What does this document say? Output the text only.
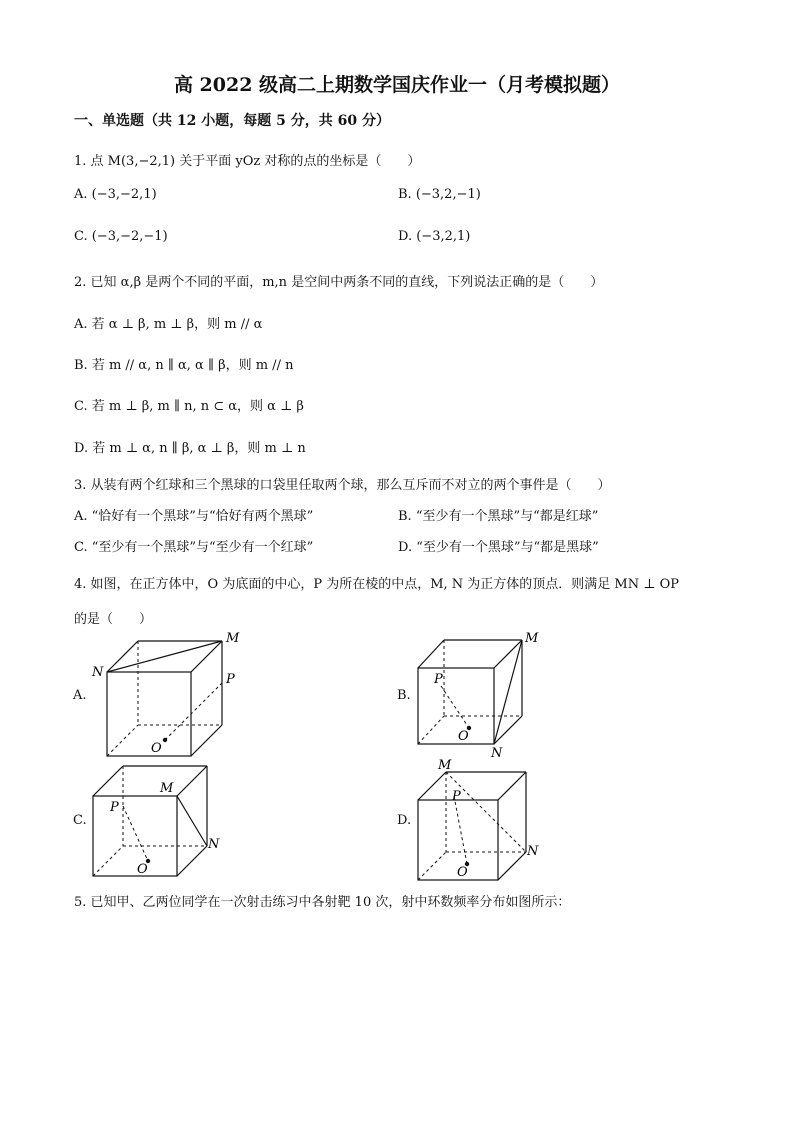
高 2022 级高二上期数学国庆作业一（月考模拟题）
一、单选题（共 12 小题，每题 5 分，共 60 分）
1. 点 M(3,−2,1) 关于平面 yOz 对称的点的坐标是（　　）
A. (−3,−2,1)	B. (−3,2,−1)
C. (−3,−2,−1)	D. (−3,2,1)
2. 已知 α,β 是两个不同的平面，m,n 是空间中两条不同的直线，下列说法正确的是（　　）
A. 若 α ⊥ β, m ⊥ β，则 m // α
B. 若 m // α, n ∥ α, α ∥ β，则 m // n
C. 若 m ⊥ β, m ∥ n, n ⊂ α，则 α ⊥ β
D. 若 m ⊥ α, n ∥ β, α ⊥ β，则 m ⊥ n
3. 从装有两个红球和三个黑球的口袋里任取两个球，那么互斥而不对立的两个事件是（　　）
A. “恰好有一个黑球”与“恰好有两个黑球”	B. “至少有一个黑球”与“都是红球”
C. “至少有一个黑球”与“至少有一个红球”	D. “至少有一个黑球”与“都是黑球”
4. 如图，在正方体中，O 为底面的中心，P 为所在棱的中点，M, N 为正方体的顶点．则满足 MN ⊥ OP
的是（　　）
A.	B.
C.	D.
M
N	P
O
M
N
P
O
M
N
P
O
M
N
P
O
5. 已知甲、乙两位同学在一次射击练习中各射靶 10 次，射中环数频率分布如图所示：
